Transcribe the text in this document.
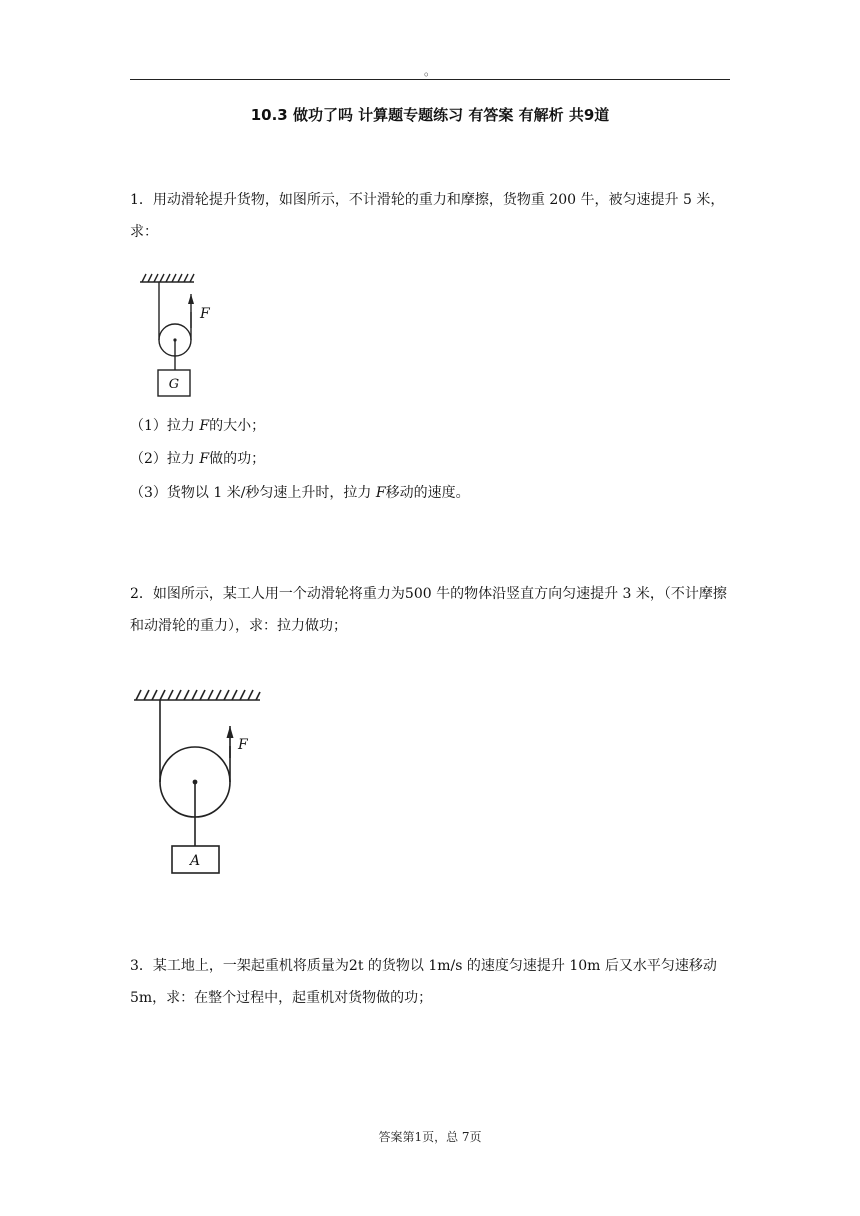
。
10.3 做功了吗 计算题专题练习 有答案 有解析 共9道
1．用动滑轮提升货物，如图所示，不计滑轮的重力和摩擦，货物重 200 牛，被匀速提升 5 米，求：
F
G
（1）拉力 F的大小；
（2）拉力 F做的功；
（3）货物以 1 米/秒匀速上升时，拉力 F移动的速度。
2．如图所示，某工人用一个动滑轮将重力为500 牛的物体沿竖直方向匀速提升 3 米，（不计摩擦和动滑轮的重力），求：拉力做功；
F
A
3．某工地上，一架起重机将质量为2t 的货物以 1m/s 的速度匀速提升 10m 后又水平匀速移动 5m，求：在整个过程中，起重机对货物做的功；
答案第1页，总 7页
